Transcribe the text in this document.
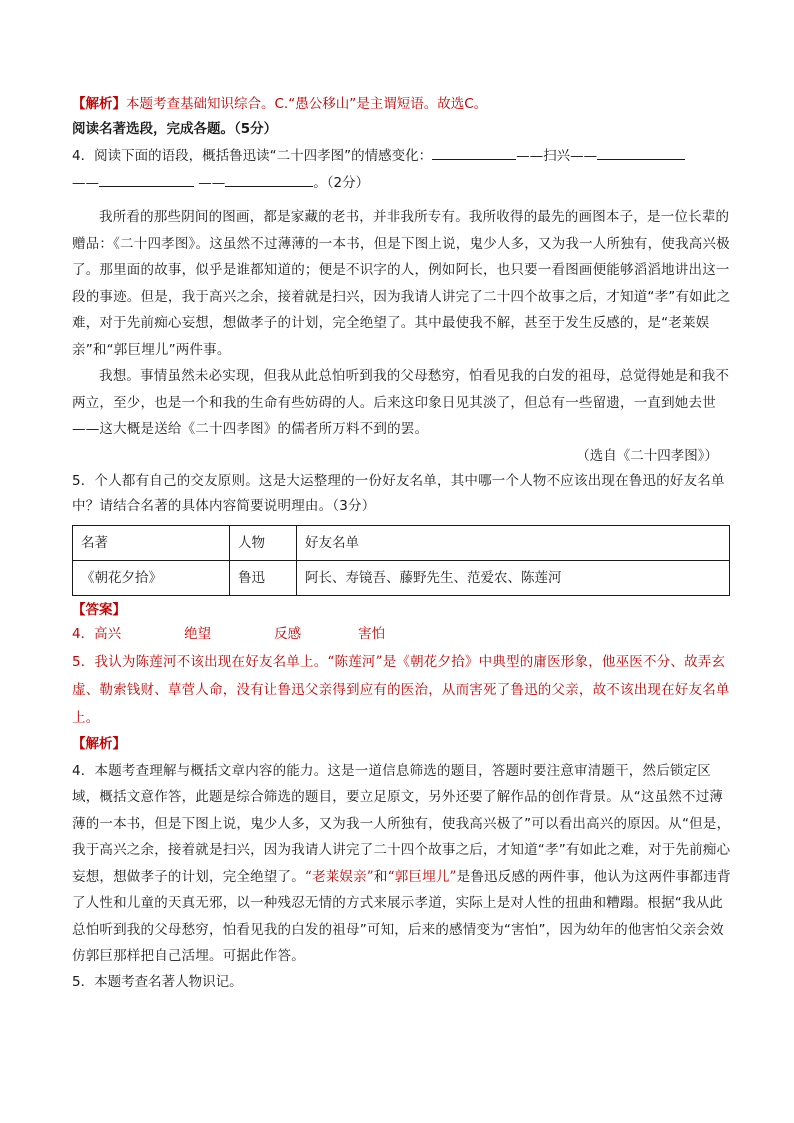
【解析】本题考查基础知识综合。C.“愚公移山”是主谓短语。故选C。
阅读名著选段，完成各题。（5分）
4．阅读下面的语段，概括鲁迅读“二十四孝图”的情感变化：	——扫兴——
——	——	。（2分）

我所看的那些阴间的图画，都是家藏的老书，并非我所专有。我所收得的最先的画图本子，是一位长辈的赠品：《二十四孝图》。这虽然不过薄薄的一本书，但是下图上说，鬼少人多，又为我一人所独有，使我高兴极了。那里面的故事，似乎是谁都知道的；便是不识字的人，例如阿长，也只要一看图画便能够滔滔地讲出这一段的事迹。但是，我于高兴之余，接着就是扫兴，因为我请人讲完了二十四个故事之后，才知道“孝”有如此之难，对于先前痴心妄想，想做孝子的计划，完全绝望了。其中最使我不解，甚至于发生反感的，是“老莱娱亲”和“郭巨埋儿”两件事。

我想。事情虽然未必实现，但我从此总怕听到我的父母愁穷，怕看见我的白发的祖母，总觉得她是和我不两立，至少，也是一个和我的生命有些妨碍的人。后来这印象日见其淡了，但总有一些留遗，一直到她去世——这大概是送给《二十四孝图》的儒者所万料不到的罢。

（选自《二十四孝图》）

5．个人都有自己的交友原则。这是大运整理的一份好友名单，其中哪一个人物不应该出现在鲁迅的好友名单中？请结合名著的具体内容简要说明理由。（3分）

名著	人物	好友名单
《朝花夕拾》	鲁迅	阿长、寿镜吾、藤野先生、范爱农、陈莲河
【答案】
4．高兴	绝望	反感	害怕

5．我认为陈莲河不该出现在好友名单上。“陈莲河”是《朝花夕拾》中典型的庸医形象，他巫医不分、故弄玄虚、勒索钱财、草菅人命，没有让鲁迅父亲得到应有的医治，从而害死了鲁迅的父亲，故不该出现在好友名单上。

【解析】

4．本题考查理解与概括文章内容的能力。这是一道信息筛选的题目，答题时要注意审清题干，然后锁定区域，概括文意作答，此题是综合筛选的题目，要立足原文，另外还要了解作品的创作背景。从“这虽然不过薄薄的一本书，但是下图上说，鬼少人多，又为我一人所独有，使我高兴极了”可以看出高兴的原因。从“但是，我于高兴之余，接着就是扫兴，因为我请人讲完了二十四个故事之后，才知道“孝”有如此之难，对于先前痴心妄想，想做孝子的计划，完全绝望了。“老莱娱亲”和“郭巨埋儿”是鲁迅反感的两件事，他认为这两件事都违背了人性和儿童的天真无邪，以一种残忍无情的方式来展示孝道，实际上是对人性的扭曲和糟蹋。根据“我从此总怕听到我的父母愁穷，怕看见我的白发的祖母”可知，后来的感情变为“害怕”，因为幼年的他害怕父亲会效仿郭巨那样把自己活埋。可据此作答。

5．本题考查名著人物识记。
